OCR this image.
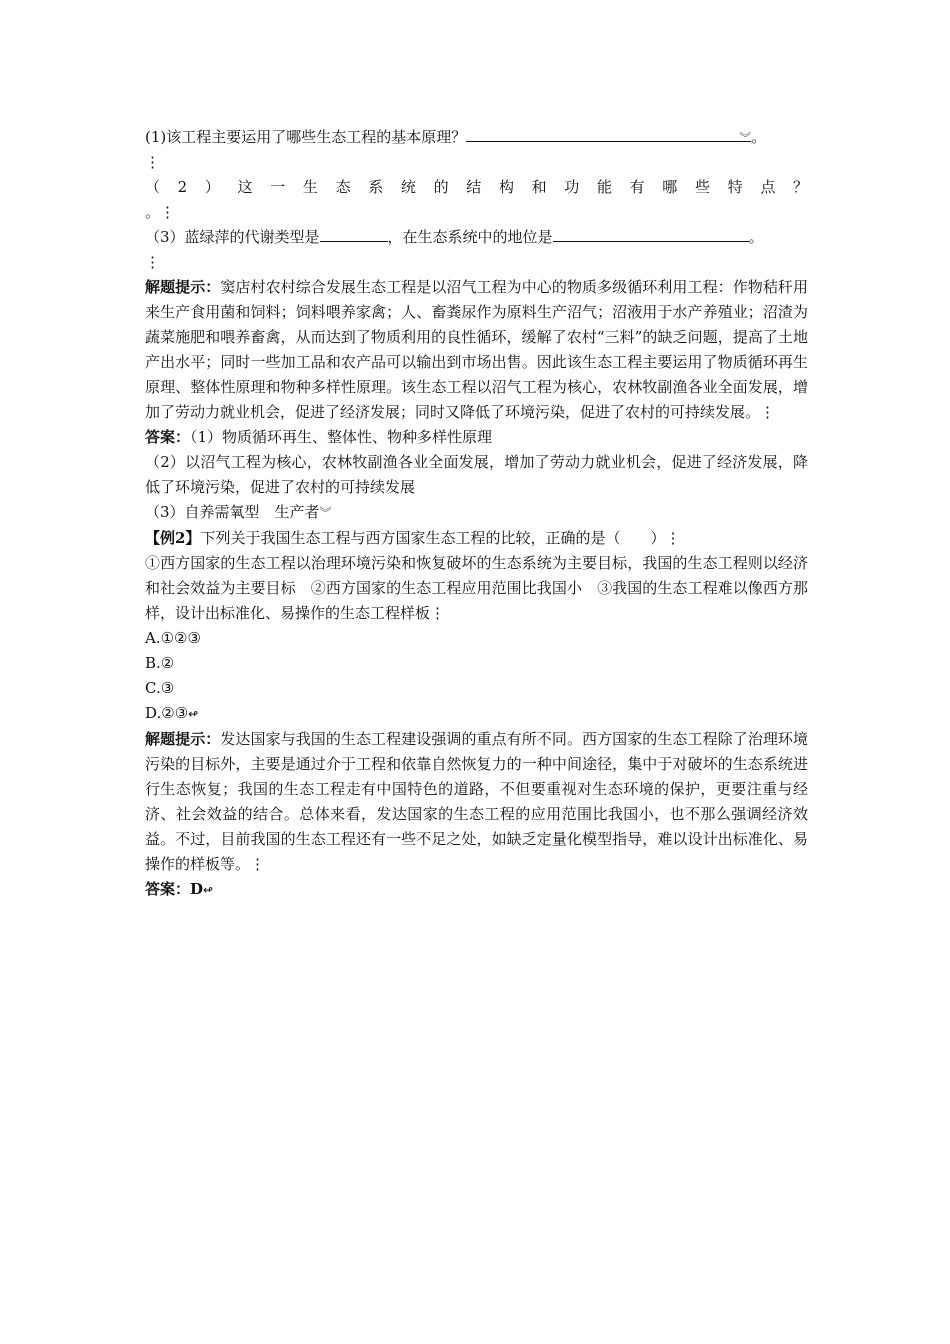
(1)该工程主要运用了哪些生态工程的基本原理？	︾ 。
⋮
（2）这一生态系统的结构和功能有哪些特点？
。⋮
（3）蓝绿萍的代谢类型是	，在生态系统中的地位是	。
⋮
解题提示：窦店村农村综合发展生态工程是以沼气工程为中心的物质多级循环利用工程：作物秸秆用来生产食用菌和饲料；饲料喂养家禽；人、畜粪尿作为原料生产沼气；沼液用于水产养殖业；沼渣为蔬菜施肥和喂养畜禽，从而达到了物质利用的良性循环，缓解了农村“三料”的缺乏问题，提高了土地产出水平；同时一些加工品和农产品可以输出到市场出售。因此该生态工程主要运用了物质循环再生原理、整体性原理和物种多样性原理。该生态工程以沼气工程为核心，农林牧副渔各业全面发展，增加了劳动力就业机会，促进了经济发展；同时又降低了环境污染，促进了农村的可持续发展。⋮
答案：（1）物质循环再生、整体性、物种多样性原理
（2）以沼气工程为核心，农林牧副渔各业全面发展，增加了劳动力就业机会，促进了经济发展，降低了环境污染，促进了农村的可持续发展
（3）自养需氧型　生产者︾
【例2】下列关于我国生态工程与西方国家生态工程的比较，正确的是（　　）⋮
①西方国家的生态工程以治理环境污染和恢复破坏的生态系统为主要目标，我国的生态工程则以经济和社会效益为主要目标　②西方国家的生态工程应用范围比我国小　③我国的生态工程难以像西方那样，设计出标准化、易操作的生态工程样板⋮
A.①②③
B.②
C.③
D.②③↫
解题提示：发达国家与我国的生态工程建设强调的重点有所不同。西方国家的生态工程除了治理环境污染的目标外，主要是通过介于工程和依靠自然恢复力的一种中间途径，集中于对破坏的生态系统进行生态恢复；我国的生态工程走有中国特色的道路，不但要重视对生态环境的保护，更要注重与经济、社会效益的结合。总体来看，发达国家的生态工程的应用范围比我国小，也不那么强调经济效益。不过，目前我国的生态工程还有一些不足之处，如缺乏定量化模型指导，难以设计出标准化、易操作的样板等。⋮
答案：D↫
